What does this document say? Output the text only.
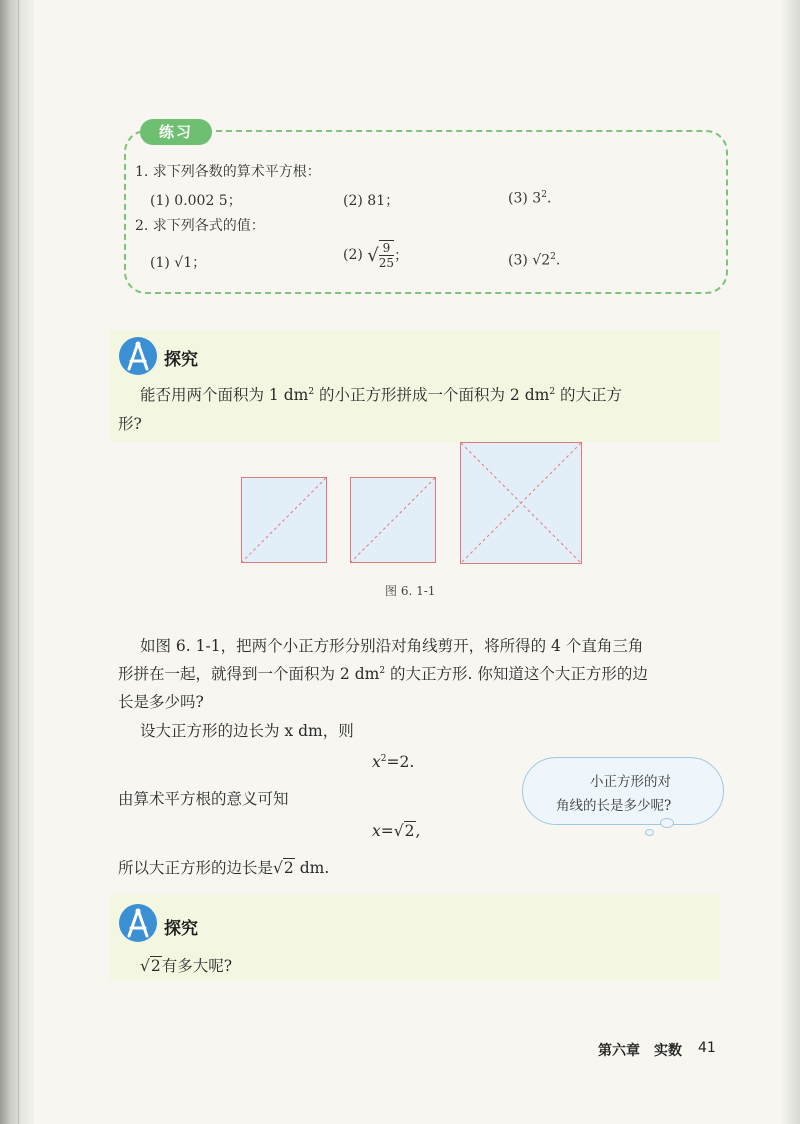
练习
1. 求下列各数的算术平方根：
(1) 0.002 5；	(2) 81；	(3) $3^2$.
2. 求下列各式的值：
(1) √1；	(2) √ $\frac{9}{25}$ ；	(3) $√2^2$.
探究
能否用两个面积为 1 $dm^2$ 的小正方形拼成一个面积为 2 $dm^2$ 的大正方
形?
图 6. 1-1
如图 6. 1-1，把两个小正方形分别沿对角线剪开，将所得的 4 个直角三角
形拼在一起，就得到一个面积为 2 $dm^2$ 的大正方形. 你知道这个大正方形的边
长是多少吗?
设大正方形的边长为 x dm，则
$x^2=2$.
由算术平方根的意义可知
x=√2,
所以大正方形的边长是√2 dm.
小正方形的对
角线的长是多少呢?
探究
√2有多大呢?
第六章　实数 41
